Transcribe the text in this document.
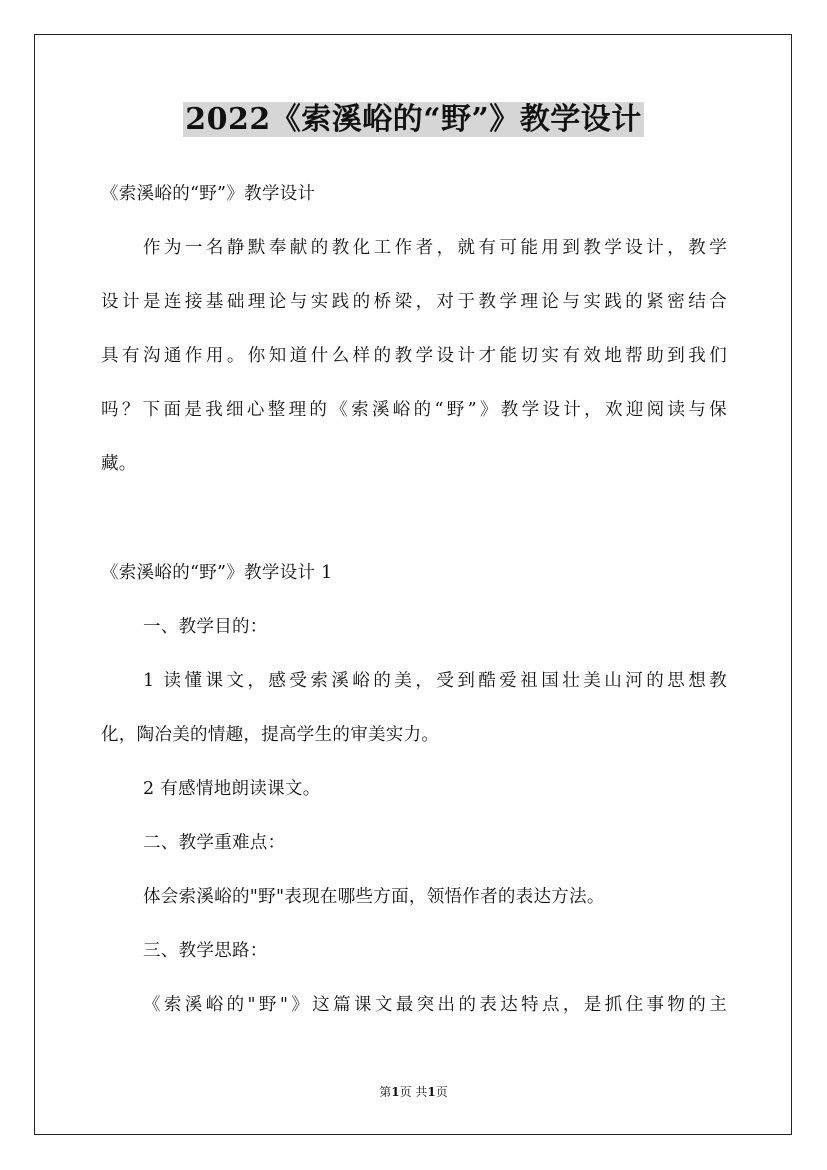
2022《索溪峪的“野”》教学设计
《索溪峪的“野”》教学设计
作为一名静默奉献的教化工作者，就有可能用到教学设计，教学
设计是连接基础理论与实践的桥梁，对于教学理论与实践的紧密结合
具有沟通作用。你知道什么样的教学设计才能切实有效地帮助到我们
吗？下面是我细心整理的《索溪峪的“野”》教学设计，欢迎阅读与保
藏。
《索溪峪的“野”》教学设计 1
一、教学目的：
1 读懂课文，感受索溪峪的美，受到酷爱祖国壮美山河的思想教
化，陶冶美的情趣，提高学生的审美实力。
2 有感情地朗读课文。
二、教学重难点：
体会索溪峪的"野"表现在哪些方面，领悟作者的表达方法。
三、教学思路：
《索溪峪的"野"》这篇课文最突出的表达特点，是抓住事物的主
第1页 共1页
